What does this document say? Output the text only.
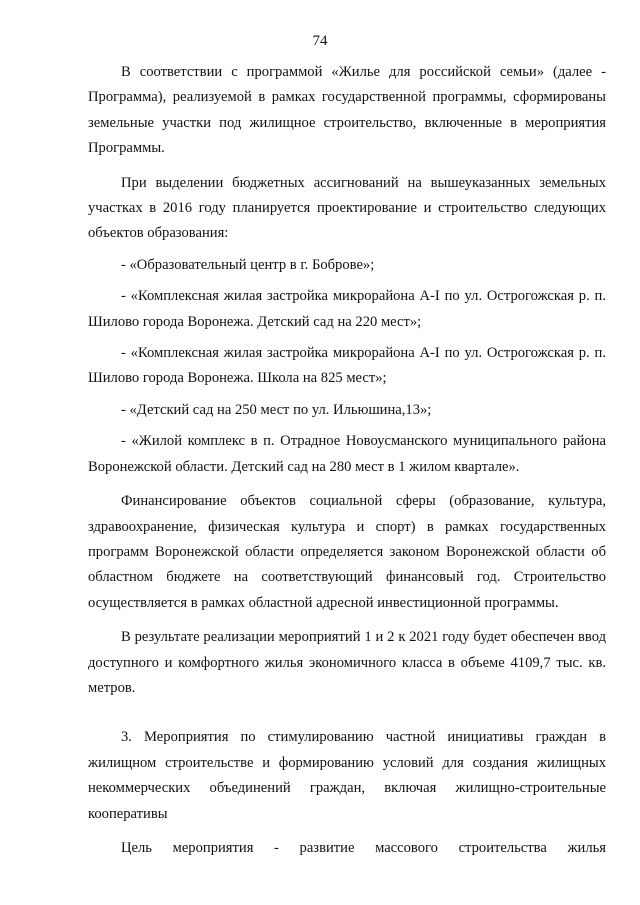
74

В соответствии с программой «Жилье для российской семьи» (далее - Программа), реализуемой в рамках государственной программы, сформированы земельные участки под жилищное строительство, включенные в мероприятия Программы.

При выделении бюджетных ассигнований на вышеуказанных земельных участках в 2016 году планируется проектирование и строительство следующих объектов образования:

- «Образовательный центр в г. Боброве»;

- «Комплексная жилая застройка микрорайона А-I по ул. Острогожская р. п. Шилово города Воронежа. Детский сад на 220 мест»;

- «Комплексная жилая застройка микрорайона А-I по ул. Острогожская р. п. Шилово города Воронежа. Школа на 825 мест»;

- «Детский сад на 250 мест по ул. Ильюшина,13»;

- «Жилой комплекс в п. Отрадное Новоусманского муниципального района Воронежской области. Детский сад на 280 мест в 1 жилом квартале».

Финансирование объектов социальной сферы (образование, культура, здравоохранение, физическая культура и спорт) в рамках государственных программ Воронежской области определяется законом Воронежской области об областном бюджете на соответствующий финансовый год. Строительство осуществляется в рамках областной адресной инвестиционной программы.

В результате реализации мероприятий 1 и 2 к 2021 году будет обеспечен ввод доступного и комфортного жилья экономичного класса в объеме 4109,7 тыс. кв. метров.

3. Мероприятия по стимулированию частной инициативы граждан в жилищном строительстве и формированию условий для создания жилищных некоммерческих объединений граждан, включая жилищно-строительные кооперативы

Цель мероприятия - развитие массового строительства жилья
